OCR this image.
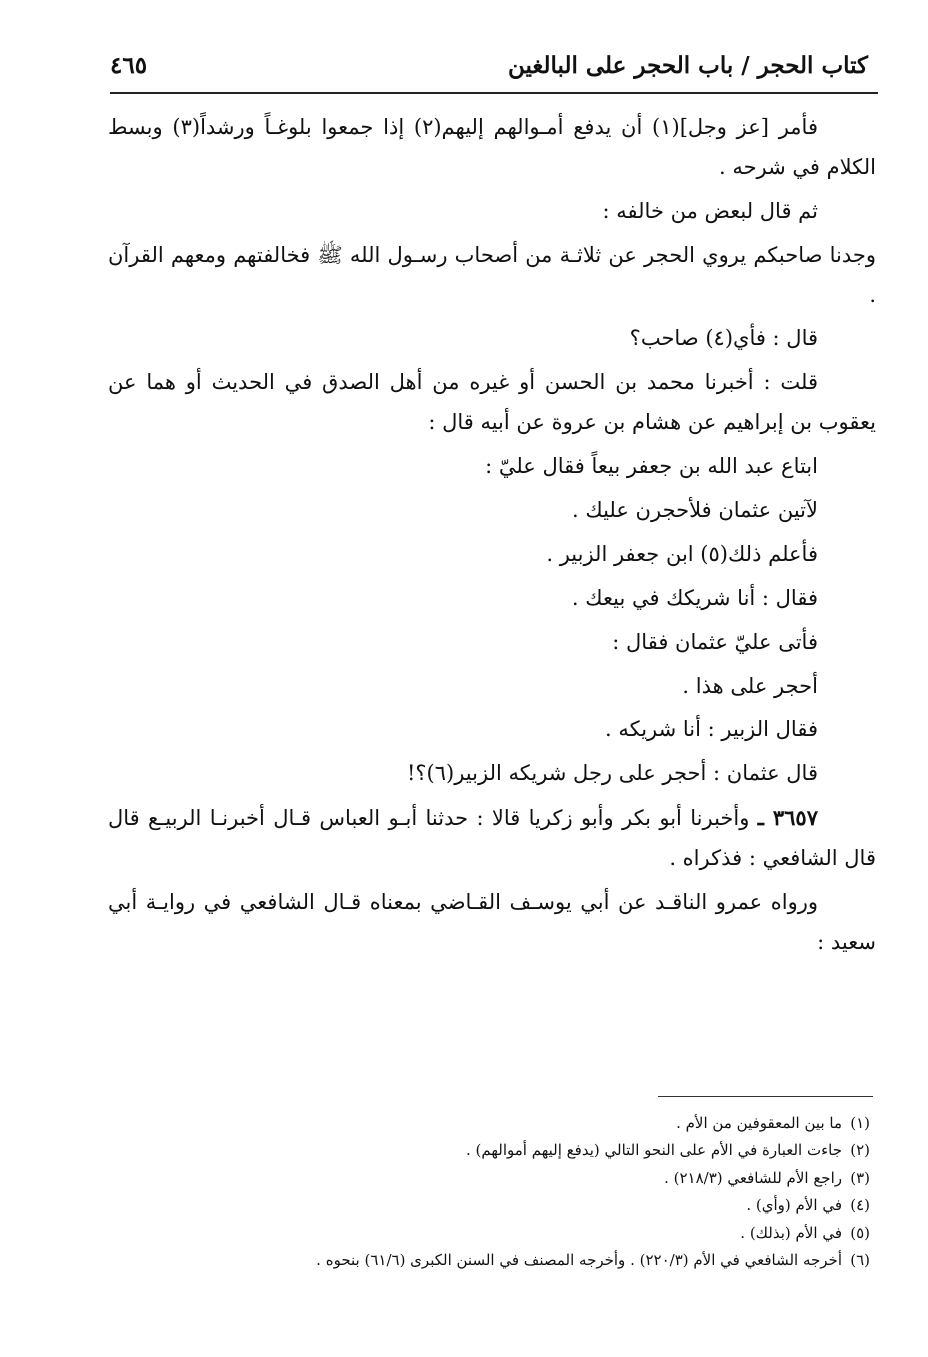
كتاب الحجر / باب الحجر على البالغين
٤٦٥

فأمر [عز وجل](١) أن يدفع أمـوالهم إليهم(٢) إذا جمعوا بلوغـاً ورشداً(٣) وبسط الكلام في شرحه .

ثم قال لبعض من خالفه :

وجدنا صاحبكم يروي الحجر عن ثلاثـة من أصحاب رسـول الله ﷺ فخالفتهم ومعهم القرآن .

قال : فأي(٤) صاحب؟

قلت : أخبرنا محمد بن الحسن أو غيره من أهل الصدق في الحديث أو هما عن يعقوب بن إبراهيم عن هشام بن عروة عن أبيه قال :

ابتاع عبد الله بن جعفر بيعاً فقال عليّ :

لآتين عثمان فلأحجرن عليك .

فأعلم ذلك(٥) ابن جعفر الزبير .

فقال : أنا شريكك في بيعك .

فأتى عليّ عثمان فقال :

أحجر على هذا .

فقال الزبير : أنا شريكه .

قال عثمان : أحجر على رجل شريكه الزبير(٦)؟!

٣٦٥٧ ـ وأخبرنا أبو بكر وأبو زكريا قالا : حدثنا أبـو العباس قـال أخبرنـا الربيـع قال قال الشافعي : فذكراه .

ورواه عمرو الناقـد عن أبي يوسـف القـاضي بمعناه قـال الشافعي في روايـة أبي سعيد :

(١)ما بين المعقوفين من الأم .
(٢)جاءت العبارة في الأم على النحو التالي (يدفع إليهم أموالهم) .
(٣)راجع الأم للشافعي (٢١٨/٣) .
(٤)في الأم (وأي) .
(٥)في الأم (بذلك) .
(٦)أخرجه الشافعي في الأم (٢٢٠/٣) . وأخرجه المصنف في السنن الكبرى (٦١/٦) بنحوه .
